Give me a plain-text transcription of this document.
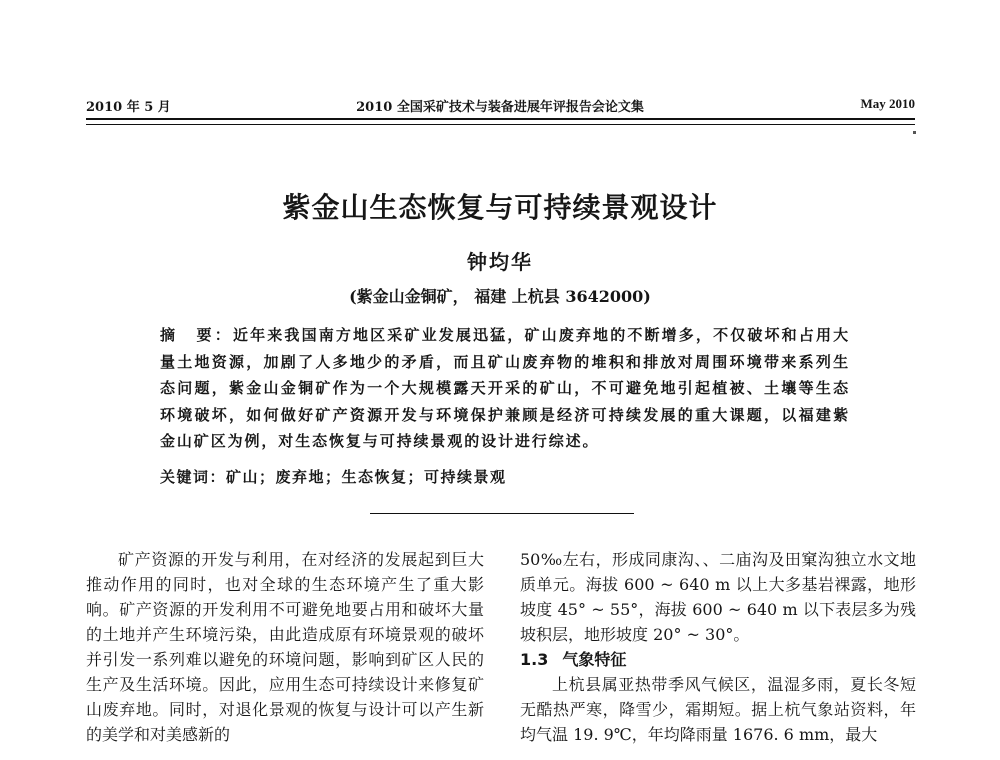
2010 年 5 月	2010 全国采矿技术与装备进展年评报告会论文集	May 2010
紫金山生态恢复与可持续景观设计
钟均华
(紫金山金铜矿， 福建 上杭县 3642000)
摘　要：近年来我国南方地区采矿业发展迅猛，矿山废弃地的不断增多，不仅破坏和占用大量土地资源，加剧了人多地少的矛盾，而且矿山废弃物的堆积和排放对周围环境带来系列生态问题，紫金山金铜矿作为一个大规模露天开采的矿山，不可避免地引起植被、土壤等生态环境破坏，如何做好矿产资源开发与环境保护兼顾是经济可持续发展的重大课题，以福建紫金山矿区为例，对生态恢复与可持续景观的设计进行综述。
关键词：矿山；废弃地；生态恢复；可持续景观

矿产资源的开发与利用，在对经济的发展起到巨大推动作用的同时，也对全球的生态环境产生了重大影响。矿产资源的开发利用不可避免地要占用和破坏大量的土地并产生环境污染，由此造成原有环境景观的破坏并引发一系列难以避免的环境问题，影响到矿区人民的生产及生活环境。因此，应用生态可持续设计来修复矿山废弃地。同时，对退化景观的恢复与设计可以产生新的美学和对美感新的

50‰左右，形成同康沟、、二庙沟及田窠沟独立水文地质单元。海拔 600 ~ 640 m 以上大多基岩裸露，地形坡度 45° ~ 55°，海拔 600 ~ 640 m 以下表层多为残坡积层，地形坡度 20° ~ 30°。

1.3 气象特征

上杭县属亚热带季风气候区，温湿多雨，夏长冬短无酷热严寒，降雪少，霜期短。据上杭气象站资料，年均气温 19. 9℃，年均降雨量 1676. 6 mm，最大
